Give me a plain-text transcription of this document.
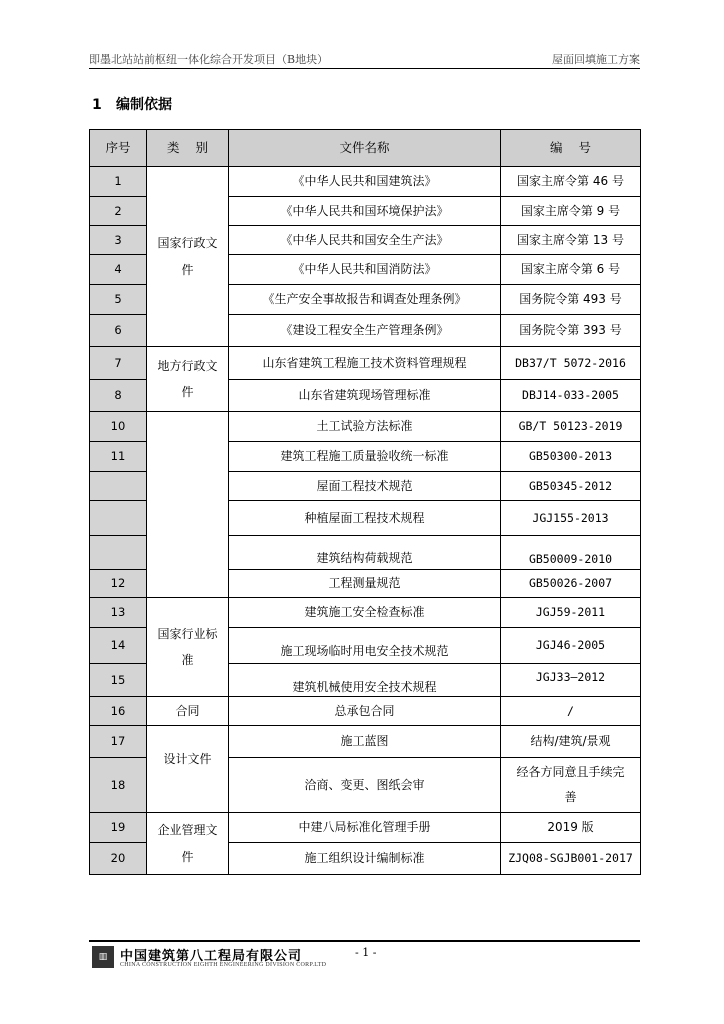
即墨北站站前枢纽一体化综合开发项目（B地块）	屋面回填施工方案
1 编制依据
序号	类    别	文件名称	编    号
1	国家行政文件	《中华人民共和国建筑法》	国家主席令第 46 号
2		《中华人民共和国环境保护法》	国家主席令第 9 号
3		《中华人民共和国安全生产法》	国家主席令第 13 号
4		《中华人民共和国消防法》	国家主席令第 6 号
5		《生产安全事故报告和调查处理条例》	国务院令第 493 号
6		《建设工程安全生产管理条例》	国务院令第 393 号
7	地方行政文件	山东省建筑工程施工技术资料管理规程	DB37/T 5072-2016
8		山东省建筑现场管理标准	DBJ14-033-2005
10		土工试验方法标准	GB/T 50123-2019
11		建筑工程施工质量验收统一标准	GB50300-2013
		屋面工程技术规范	GB50345-2012
		种植屋面工程技术规程	JGJ155-2013
		建筑结构荷载规范	GB50009-2010
12		工程测量规范	GB50026-2007
13	国家行业标准	建筑施工安全检查标准	JGJ59-2011
14		施工现场临时用电安全技术规范	JGJ46-2005
15		建筑机械使用安全技术规程	JGJ33—2012
16	合同	总承包合同	/
17	设计文件	施工蓝图	结构/建筑/景观
18		洽商、变更、图纸会审	经各方同意且手续完善
19	企业管理文件	中建八局标准化管理手册	2019 版
20		施工组织设计编制标准	ZJQ08-SGJB001-2017
▥ 中国建筑第八工程局有限公司
CHINA CONSTRUCTION EIGHTH ENGINEERING DIVISION CORP.LTD
- 1 -
